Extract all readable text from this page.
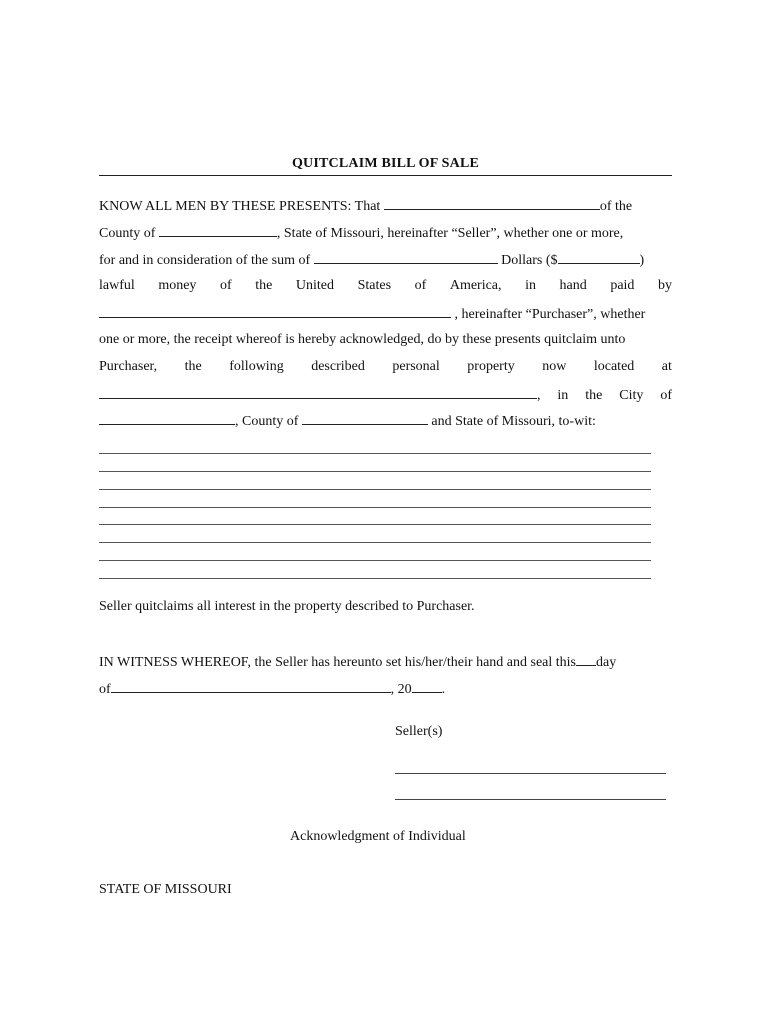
QUITCLAIM BILL OF SALE
KNOW ALL MEN BY THESE PRESENTS: That	of the
County of	, State of Missouri, hereinafter “Seller”, whether one or more,
for and in consideration of the sum of	Dollars ($	)
lawful money of the United States of America, in hand paid by
, hereinafter “Purchaser”, whether
one or more, the receipt whereof is hereby acknowledged, do by these presents quitclaim unto
Purchaser, the following described personal property now located at
, in the City of
, County of	and State of Missouri, to-wit:
Seller quitclaims all interest in the property described to Purchaser.
IN WITNESS WHEREOF, the Seller has hereunto set his/her/their hand and seal this day
of	, 20 .
Seller(s)
Acknowledgment of Individual
STATE OF MISSOURI
